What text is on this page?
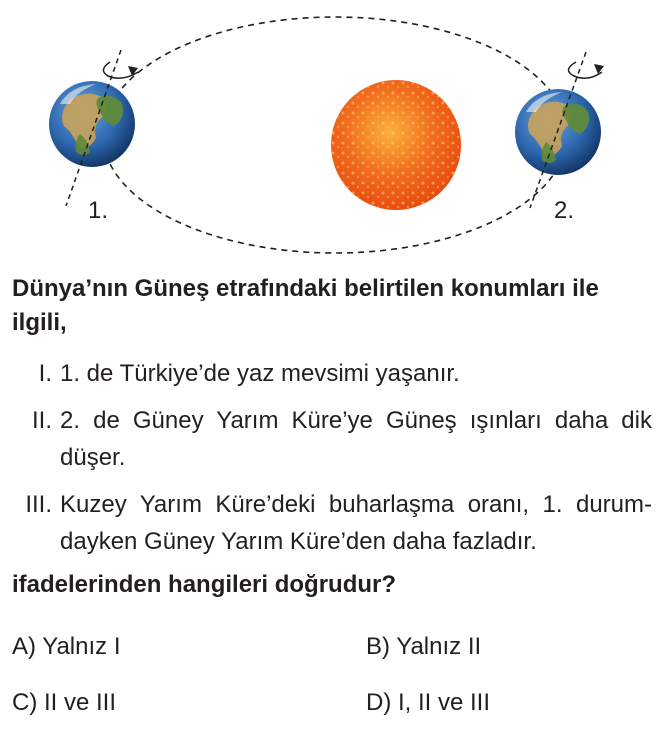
1.	2.
Dünya’nın Güneş etrafındaki belirtilen konumları ile ilgili,
I. 1. de Türkiye’de yaz mevsimi yaşanır.
II. 2. de Güney Yarım Küre’ye Güneş ışınları daha dik düşer.
III. Kuzey Yarım Küre’deki buharlaşma oranı, 1. durum-dayken Güney Yarım Küre’den daha fazladır.
ifadelerinden hangileri doğrudur?
A) Yalnız I	B) Yalnız II
C) II ve III	D) I, II ve III
